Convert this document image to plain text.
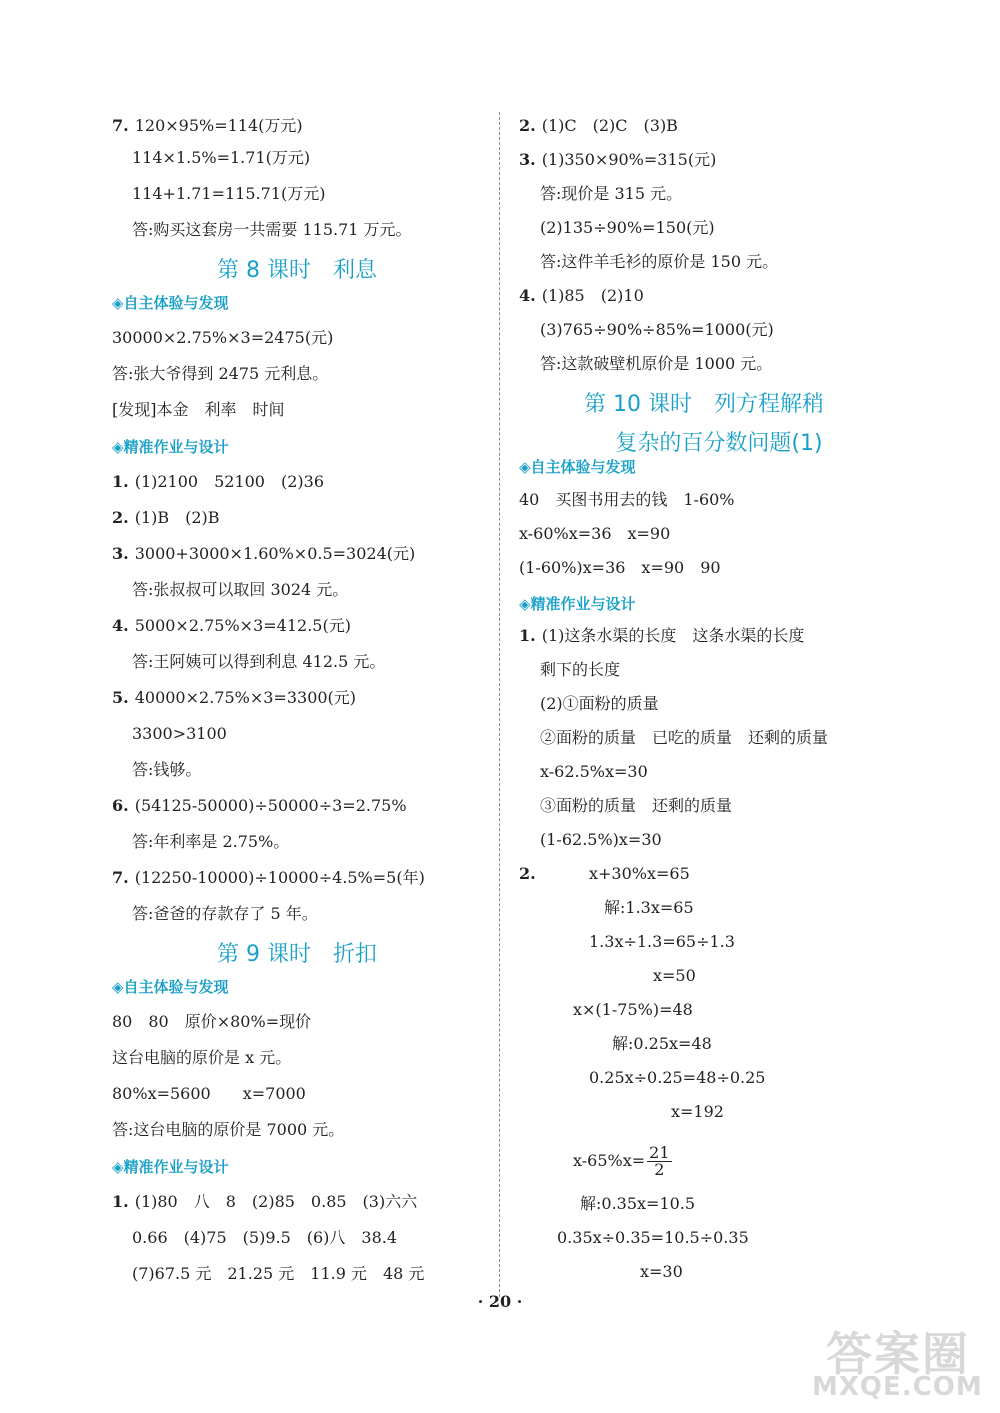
7. 120×95%=114(万元)
114×1.5%=1.71(万元)
114+1.71=115.71(万元)
答:购买这套房一共需要 115.71 万元。
第 8 课时　利息
◈自主体验与发现
30000×2.75%×3=2475(元)
答:张大爷得到 2475 元利息。
[发现]本金　利率　时间
◈精准作业与设计
1. (1)2100　52100　(2)36
2. (1)B　(2)B
3. 3000+3000×1.60%×0.5=3024(元)
答:张叔叔可以取回 3024 元。
4. 5000×2.75%×3=412.5(元)
答:王阿姨可以得到利息 412.5 元。
5. 40000×2.75%×3=3300(元)
3300>3100
答:钱够。
6. (54125-50000)÷50000÷3=2.75%
答:年利率是 2.75%。
7. (12250-10000)÷10000÷4.5%=5(年)
答:爸爸的存款存了 5 年。
第 9 课时　折扣
◈自主体验与发现
80　80　原价×80%=现价
这台电脑的原价是 x 元。
80%x=5600　　x=7000
答:这台电脑的原价是 7000 元。
◈精准作业与设计
1. (1)80　八　8　(2)85　0.85　(3)六六
0.66　(4)75　(5)9.5　(6)八　38.4
(7)67.5 元　21.25 元　11.9 元　48 元
2. (1)C　(2)C　(3)B
3. (1)350×90%=315(元)
答:现价是 315 元。
(2)135÷90%=150(元)
答:这件羊毛衫的原价是 150 元。
4. (1)85　(2)10
(3)765÷90%÷85%=1000(元)
答:这款破壁机原价是 1000 元。
第 10 课时　列方程解稍
复杂的百分数问题(1)
◈自主体验与发现
40　买图书用去的钱　1-60%
x-60%x=36　x=90
(1-60%)x=36　x=90　90
◈精准作业与设计
1. (1)这条水渠的长度　这条水渠的长度
剩下的长度
(2)①面粉的质量
②面粉的质量　已吃的质量　还剩的质量
x-62.5%x=30
③面粉的质量　还剩的质量
(1-62.5%)x=30
2.	x+30%x=65
解:1.3x=65
1.3x÷1.3=65÷1.3
x=50
x×(1-75%)=48
解:0.25x=48
0.25x÷0.25=48÷0.25
x=192
$x-65\%x= \frac{21}{2}$
解:0.35x=10.5
0.35x÷0.35=10.5÷0.35
x=30
· 20 ·
答案圈
MXQE.COM
